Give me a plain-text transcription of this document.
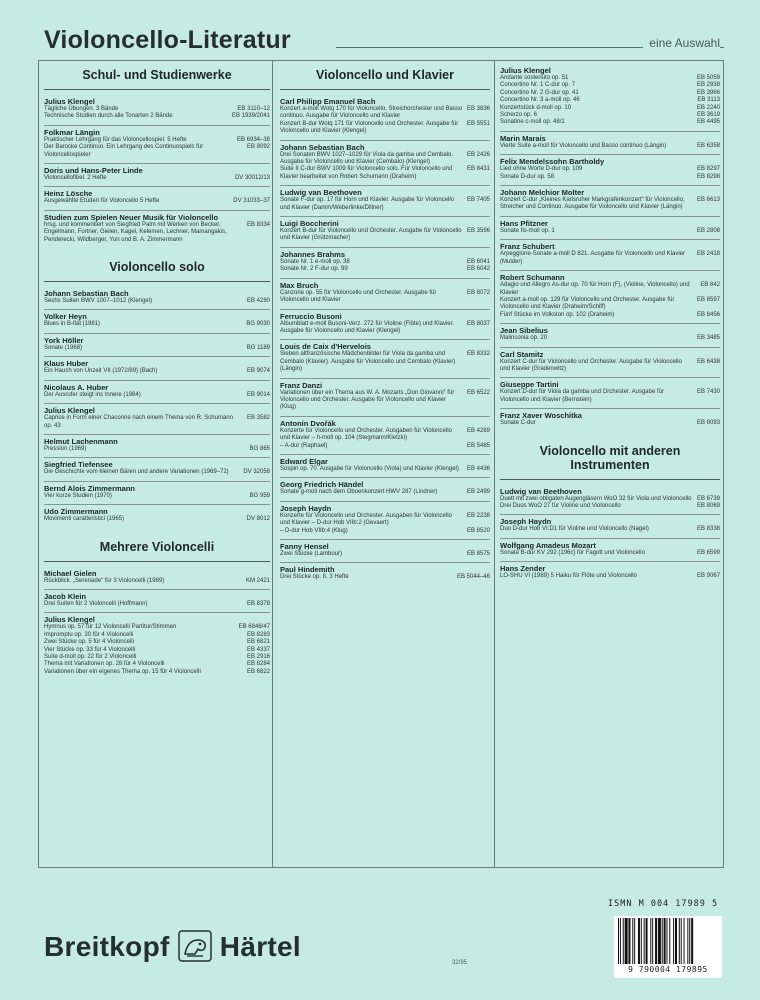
Violoncello-Literatur	eine Auswahl
Schul- und Studienwerke
Julius Klengel
Tägliche Übungen. 3 Bände	EB 3110–12
Technische Studien durch alle Tonarten 2 Bände	EB 1939/2041
Folkmar Längin
Praktischer Lehrgang für das Violoncellospiel. 5 Hefte	EB 6934–38
Der Barocke Continuo. Ein Lehrgang des Continuospiels für Violoncellospieler
EB 8092
Doris und Hans-Peter Linde
Violoncellofibel. 2 Hefte	DV 30012/13
Heinz Lösche
Ausgewählte Etüden für Violoncello 5 Hefte	DV 31033–37
Studien zum Spielen Neuer Musik für Violoncello
hrsg. und kommentiert von Siegfried Palm mit Werken von Becker, Engelmann, Fortner, Gielen, Kagel, Kelemen, Lechner, Mamangakis, Penderecki, Wildberger, Yun und B. A. Zimmermann
EB 8334
Violoncello solo
Johann Sebastian Bach
Sechs Suiten BWV 1007–1012 (Klengel)	EB 4280
Volker Heyn
Blues in B-flat (1981)	BG 9030
York Höller
Sonate (1968)	BG 1189
Klaus Huber
Ein Hauch von Unzeit VII (1972/89) (Bach)	EB 9074
Nicolaus A. Huber
Der Ausrufer steigt ins Innere (1984)	EB 9014
Julius Klengel
Caprice in Form einer Chaconne nach einem Thema von R. Schumann op. 43
EB 3582
Helmut Lachenmann
Pression (1969)	BG 865
Siegfried Tiefensee
Die Geschichte vom kleinen Bären und andere Variationen (1969–72)	DV 32058
Bernd Alois Zimmermann
Vier kurze Studien (1970)	BG 959
Udo Zimmermann
Movimenti caratteristici (1965)	DV 8012
Mehrere Violoncelli
Michael Gielen
Rückblick. „Serenade“ für 3 Violoncelli (1989)	KM 2421
Jacob Klein
Drei Suiten für 2 Violoncelli (Hoffmann)	EB 8378
Julius Klengel
Hymnus op. 57 für 12 Violoncelli Partitur/Stimmen	EB 6846/47
Impromptu op. 30 für 4 Violoncelli	EB 8283
Zwei Stücke op. 5 für 4 Violoncelli	EB 6821
Vier Stücke op. 33 für 4 Violoncelli	EB 4337
Suite d-moll op. 22 für 2 Violoncelli	EB 2916
Thema mit Variationen op. 28 für 4 Violoncelli	EB 8284
Variationen über ein eigenes Thema op. 15 für 4 Violoncelli	EB 6822
Violoncello und Klavier
Carl Philipp Emanuel Bach
Konzert a-moll Wotq 170 für Violoncello, Streichorchester und Basso continuo. Ausgabe für Violoncello und Klavier
EB 3836
Konzert B-dur Wotq 171 für Violoncello und Orchester. Ausgabe für Violoncello und Klavier (Klengel)
EB 5551
Johann Sebastian Bach
Drei Sonaten BWV 1027–1029 für Viola da gamba und Cembalo. Ausgabe für Violoncello und Klavier (Cembalo) (Klengel)
EB 2426
Suite II C-dur BWV 1009 für Violoncello solo. Für Violoncello und Klavier bearbeitet von Robert Schumann (Draheim)
EB 8431
Ludwig van Beethoven
Sonate F-dur op. 17 für Horn und Klavier. Ausgabe für Violoncello und Klavier (Damm/Weberlinke/Dillner)
EB 7405
Luigi Boccherini
Konzert B-dur für Violoncello und Orchester. Ausgabe für Violoncello und Klavier (Grützmacher)
EB 3596
Johannes Brahms
Sonate Nr. 1 e-moll op. 38	EB 6041
Sonate Nr. 2 F-dur op. 99	EB 6042
Max Bruch
Canzone op. 55 für Violoncello und Orchester. Ausgabe für Violoncello und Klavier
EB 8072
Ferruccio Busoni
Albumblatt e-moll Busoni-Verz. 272 für Violine (Flöte) und Klavier. Ausgabe für Violoncello und Klavier (Klengel)
EB 8037
Louis de Caix d'Hervelois
Sieben altfranzösische Mädchenbilder für Viola da gamba und Cembalo (Klavier). Ausgabe für Violoncello und Cembalo (Klavier) (Längin)
EB 8332
Franz Danzi
Variationen über ein Thema aus W. A. Mozarts „Don Giovanni“ für Violoncello und Orchester. Ausgabe für Violoncello und Klavier (Klug)
EB 6522
Antonín Dvořák
Konzerte für Violoncello und Orchester. Ausgaben für Violoncello und Klavier – h-moll op. 104 (Stegmann/Kletzki)
EB 4269
– A-dur (Raphael)	EB 5485
Edward Elgar
Sospiri op. 70. Ausgabe für Violoncello (Viola) und Klavier (Klengel)	EB 4436
Georg Friedrich Händel
Sonate g-moll nach dem Oboenkonzert HWV 287 (Lindner)	EB 2499
Joseph Haydn
Konzerte für Violoncello und Orchester. Ausgaben für Violoncello und Klavier – D-dur Hob VIIb:2 (Gevaert)
EB 2238
– D-dur Hob VIIb:4 (Klug)	EB 8520
Fanny Hensel
Zwei Stücke (Lambour)	EB 8575
Paul Hindemith
Drei Stücke op. 8. 3 Hefte	EB 5044–46
Julius Klengel
Andante sostenuto op. 51	EB 5059
Concertino Nr. 1 C-dur op. 7	EB 2938
Concertino Nr. 2 G-dur op. 41	EB 3966
Concertino Nr. 3 a-moll op. 46	EB 3113
Konzertstück d-moll op. 10	EB 2240
Scherzo op. 6	EB 3619
Sonatine c-moll op. 48/1	EB 4495
Marin Marais
Vierte Suite a-moll für Violoncello und Basso continuo (Längin)	EB 6358
Felix Mendelssohn Bartholdy
Lied ohne Worte D-dur op. 109	EB 8297
Sonate D-dur op. 58	EB 8298
Johann Melchior Molter
Konzert C-dur „Kleines Karlsruher Markgrafenkonzert“ für Violoncello, Streicher und Continuo. Ausgabe für Violoncello und Klavier (Längin)
EB 6613
Hans Pfitzner
Sonate fis-moll op. 1	EB 2808
Franz Schubert
Arpeggione-Sonate a-moll D 821. Ausgabe für Violoncello und Klavier (Mulder)
EB 2418
Robert Schumann
Adagio und Allegro As-dur op. 70 für Horn (F), (Violine, Violoncello) und Klavier
EB 842
Konzert a-moll op. 129 für Violoncello und Orchester. Ausgabe für Violoncello und Klavier (Draheim/Schiff)
EB 8597
Fünf Stücke im Volkston op. 102 (Draheim)	EB 8456
Jean Sibelius
Malinconia op. 20	EB 3485
Carl Stamitz
Konzert C-dur für Violoncello und Orchester. Ausgabe für Violoncello und Klavier (Gradenwitz)
EB 6438
Giuseppe Tartini
Konzert D-dur für Viola da gamba und Orchester. Ausgabe für Violoncello und Klavier (Bernstein)
EB 7430
Franz Xaver Woschitka
Sonate C-dur	EB 8093
Violoncello mit anderen Instrumenten
Ludwig van Beethoven
Duett mit zwei obligaten Augengläsern WoO 32 für Viola und Violoncello EB 6739
Drei Duos WoO 27 für Violine und Violoncello	EB 8069
Joseph Haydn
Duo D-dur Hob VI:D1 für Violine und Violoncello (Nagel)	EB 8338
Wolfgang Amadeus Mozart
Sonate B-dur KV 292 (196c) für Fagott und Violoncello	EB 6599
Hans Zender
LO-SHU VI (1989) 5 Haiku für Flöte und Violoncello	EB 9067
Breitkopf Härtel
32/95
ISMN M 004 17989 5
9 790004 179895
